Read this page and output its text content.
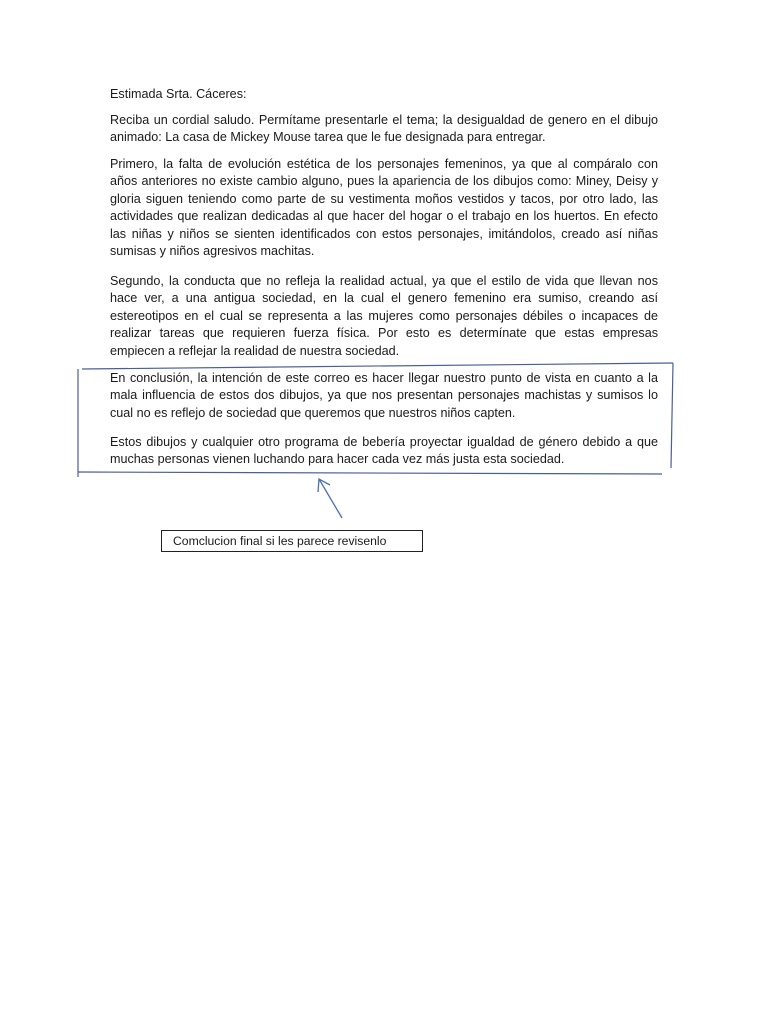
Estimada Srta. Cáceres:

Reciba un cordial saludo. Permítame presentarle el tema; la desigualdad de genero en el dibujo animado: La casa de Mickey Mouse tarea que le fue designada para entregar.

Primero, la falta de evolución estética de los personajes femeninos, ya que al compáralo con años anteriores no existe cambio alguno, pues la apariencia de los dibujos como: Miney, Deisy y gloria siguen teniendo como parte de su vestimenta moños vestidos y tacos, por otro lado, las actividades que realizan dedicadas al que hacer del hogar o el trabajo en los huertos. En efecto las niñas y niños se sienten identificados con estos personajes, imitándolos, creado así niñas sumisas y niños agresivos machitas.

Segundo, la conducta que no refleja la realidad actual, ya que el estilo de vida que llevan nos hace ver, a una antigua sociedad, en la cual el genero femenino era sumiso, creando así estereotipos en el cual se representa a las mujeres como personajes débiles o incapaces de realizar tareas que requieren fuerza física. Por esto es determínate que estas empresas empiecen a reflejar la realidad de nuestra sociedad.

En conclusión, la intención de este correo es hacer llegar nuestro punto de vista en cuanto a la mala influencia de estos dos dibujos, ya que nos presentan personajes machistas y sumisos lo cual no es reflejo de sociedad que queremos que nuestros niños capten.

Estos dibujos y cualquier otro programa de bebería proyectar igualdad de género debido a que muchas personas vienen luchando para hacer cada vez más justa esta sociedad.

Comclucion final si les parece revisenlo
